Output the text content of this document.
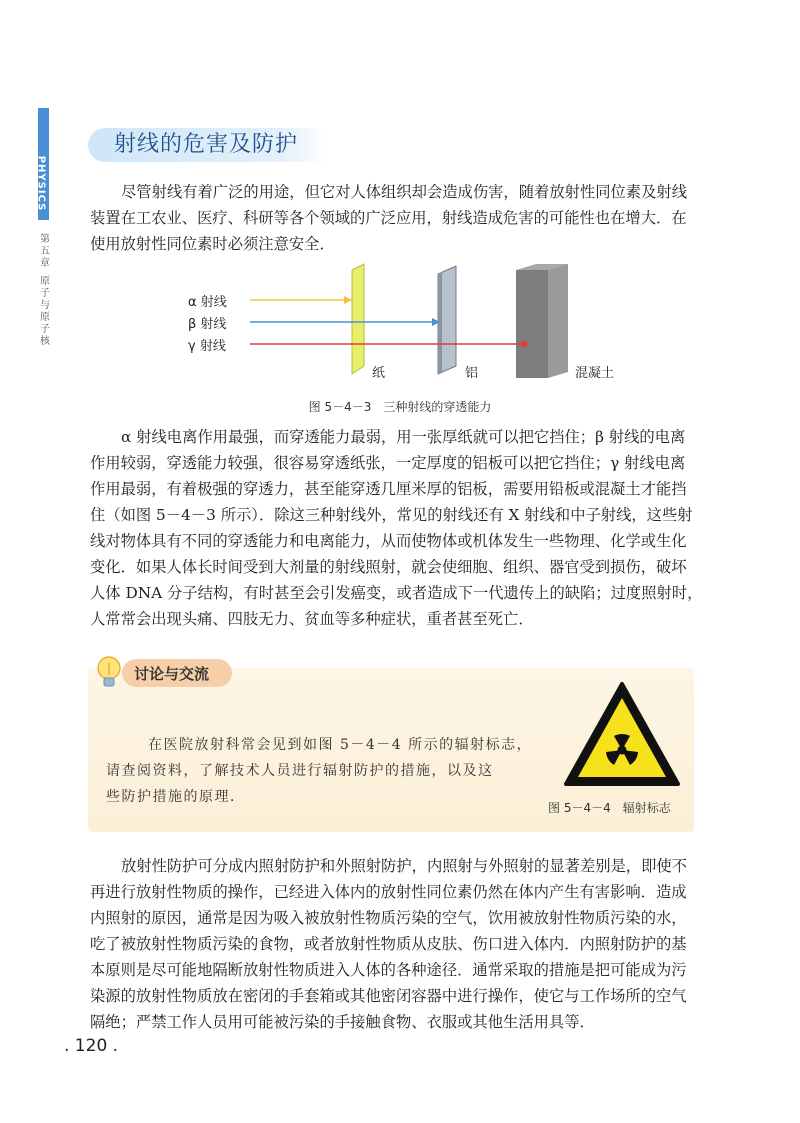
PHYSICS
第
五
章
原
子
与
原
子
核
射线的危害及防护
尽管射线有着广泛的用途，但它对人体组织却会造成伤害，随着放射性同位素及射线
装置在工农业、医疗、科研等各个领域的广泛应用，射线造成危害的可能性也在增大．在
使用放射性同位素时必须注意安全．
α 射线
β 射线
γ 射线
纸	铝	混凝土
图 5－4－3　三种射线的穿透能力
α 射线电离作用最强，而穿透能力最弱，用一张厚纸就可以把它挡住；β 射线的电离
作用较弱，穿透能力较强，很容易穿透纸张，一定厚度的铝板可以把它挡住；γ 射线电离
作用最弱，有着极强的穿透力，甚至能穿透几厘米厚的铝板，需要用铅板或混凝土才能挡
住（如图 5－4－3 所示）．除这三种射线外，常见的射线还有 X 射线和中子射线，这些射
线对物体具有不同的穿透能力和电离能力，从而使物体或机体发生一些物理、化学或生化
变化．如果人体长时间受到大剂量的射线照射，就会使细胞、组织、器官受到损伤，破坏
人体 DNA 分子结构，有时甚至会引发癌变，或者造成下一代遗传上的缺陷；过度照射时，
人常常会出现头痛、四肢无力、贫血等多种症状，重者甚至死亡．
讨论与交流
在医院放射科常会见到如图 5－4－4 所示的辐射标志，
请查阅资料，了解技术人员进行辐射防护的措施，以及这
些防护措施的原理．
图 5－4－4　辐射标志
放射性防护可分成内照射防护和外照射防护，内照射与外照射的显著差别是，即使不
再进行放射性物质的操作，已经进入体内的放射性同位素仍然在体内产生有害影响．造成
内照射的原因，通常是因为吸入被放射性物质污染的空气，饮用被放射性物质污染的水，
吃了被放射性物质污染的食物，或者放射性物质从皮肤、伤口进入体内．内照射防护的基
本原则是尽可能地隔断放射性物质进入人体的各种途径．通常采取的措施是把可能成为污
染源的放射性物质放在密闭的手套箱或其他密闭容器中进行操作，使它与工作场所的空气
隔绝；严禁工作人员用可能被污染的手接触食物、衣服或其他生活用具等．
. 120 .
